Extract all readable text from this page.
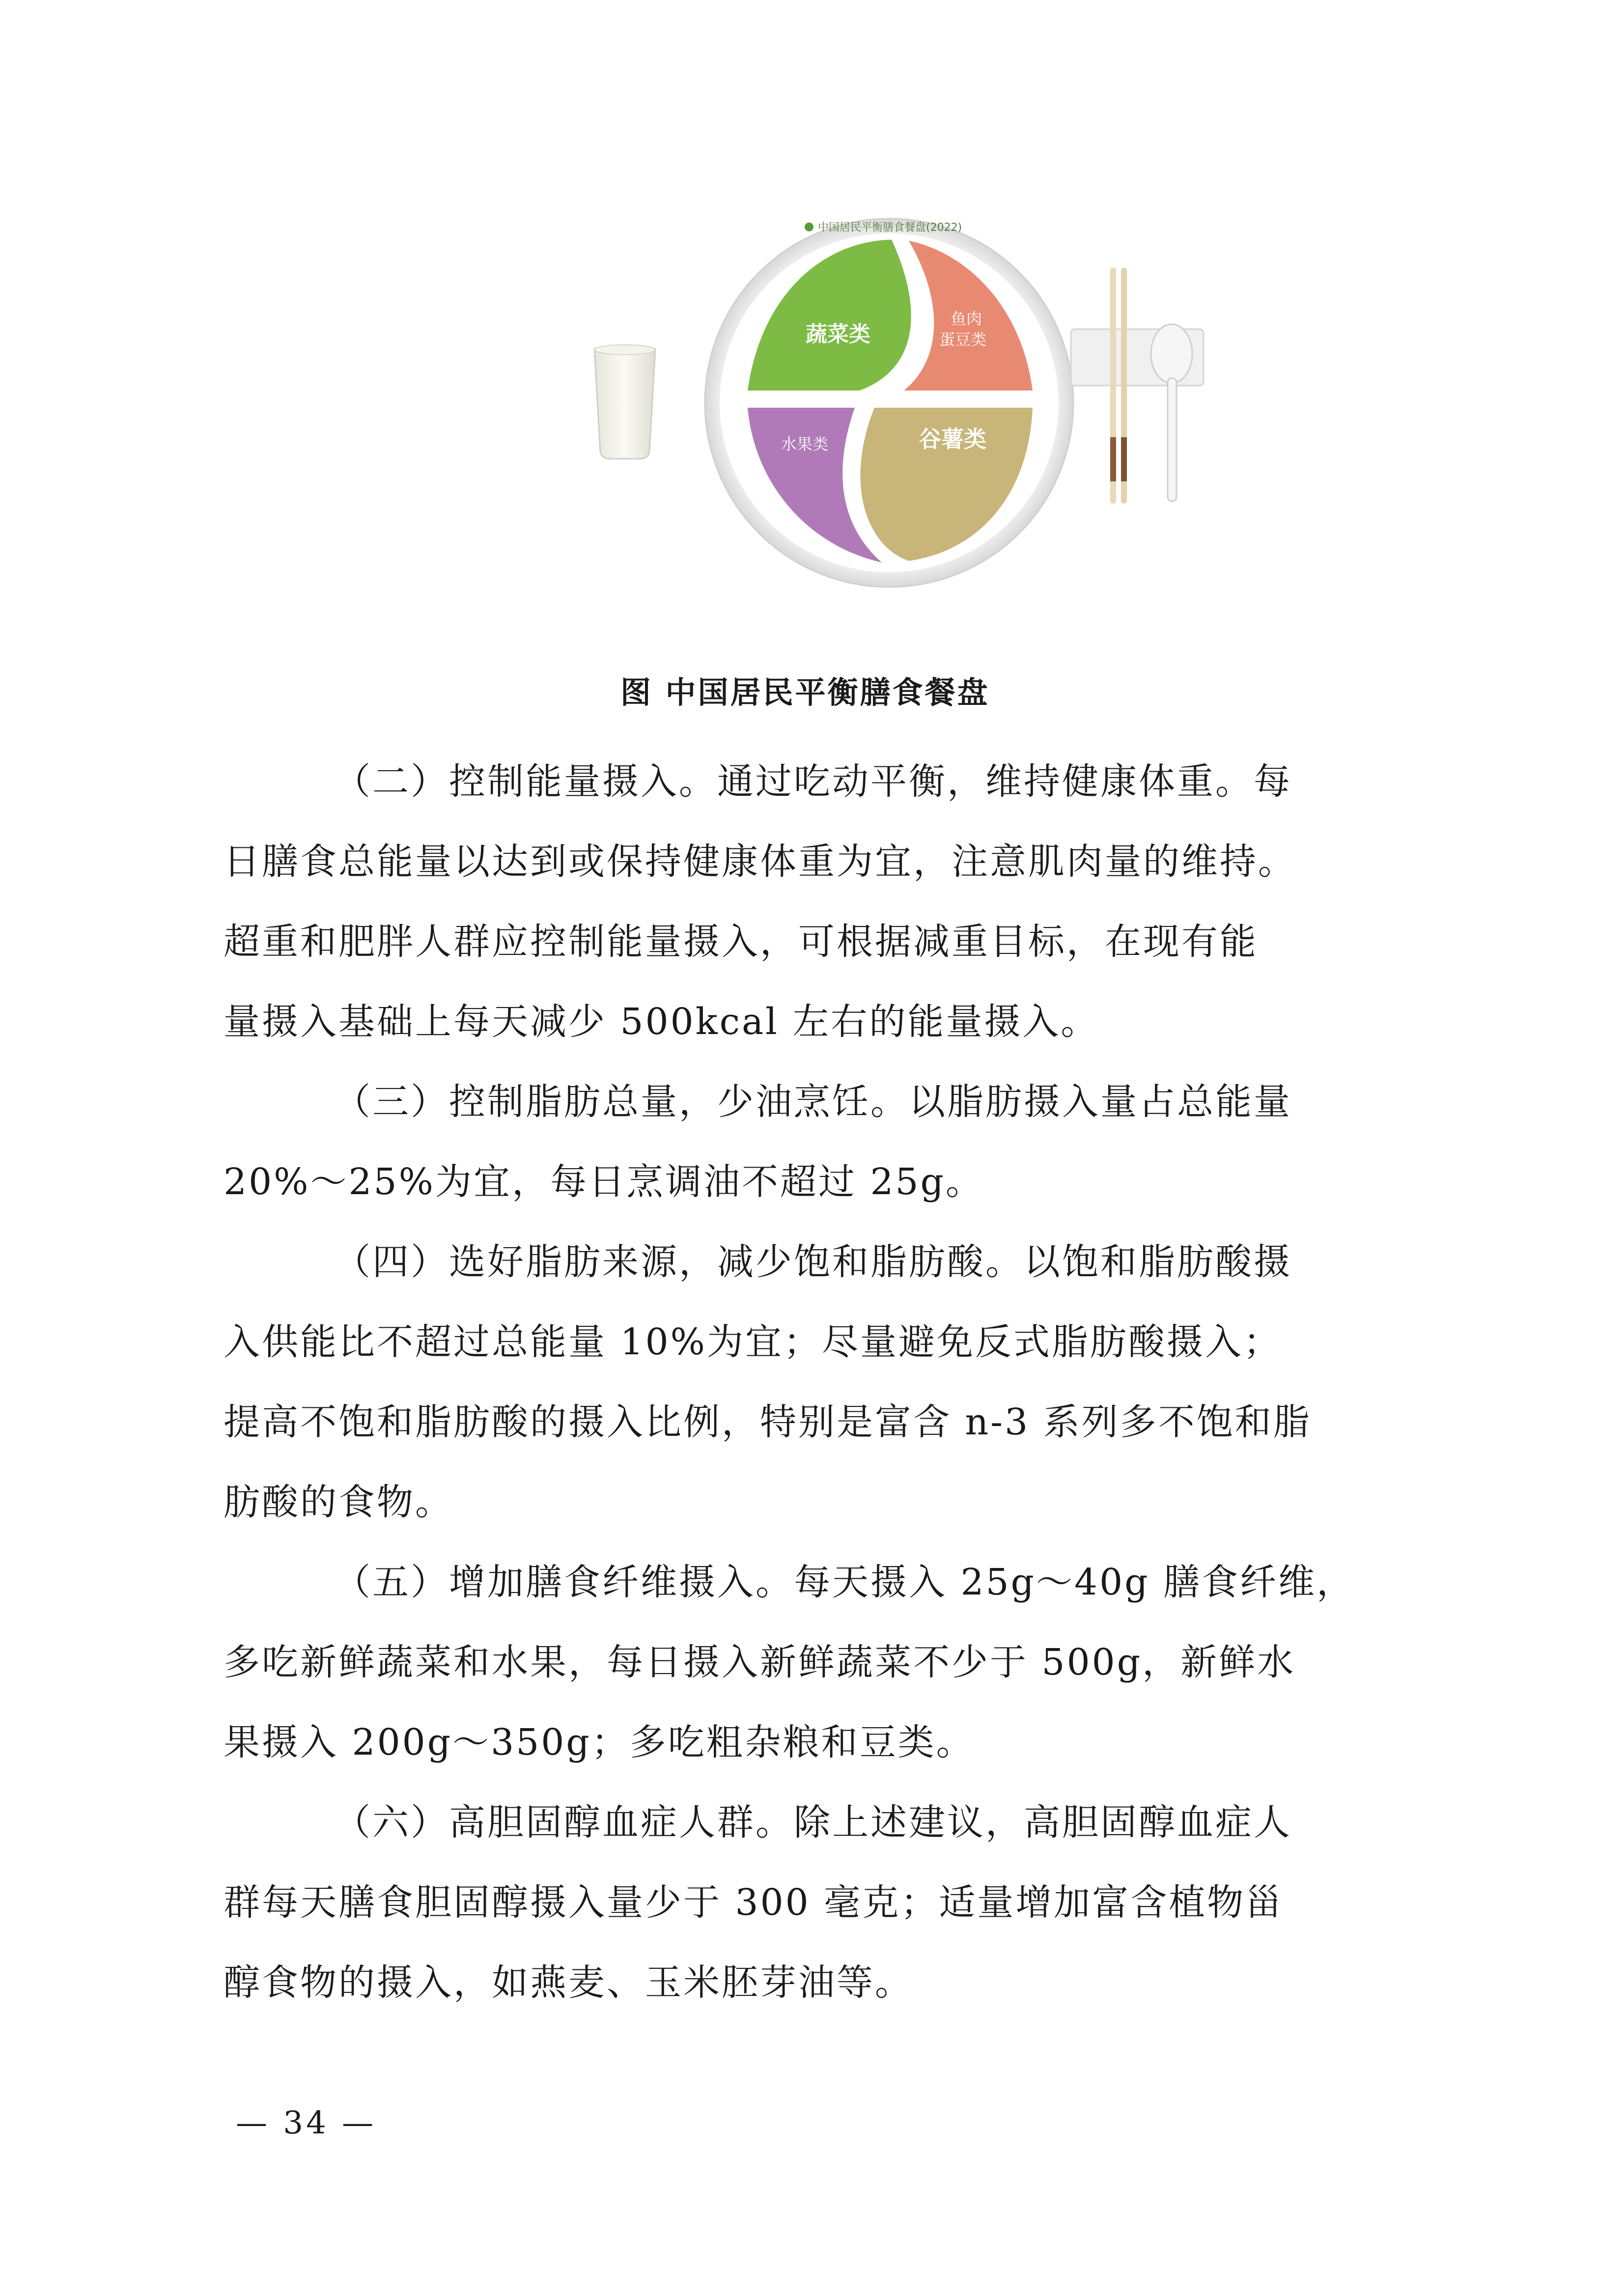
中国居民平衡膳食餐盘(2022)
蔬菜类
鱼肉
蛋豆类
水果类	谷薯类
图 中国居民平衡膳食餐盘

（二）控制能量摄入。通过吃动平衡，维持健康体重。每
日膳食总能量以达到或保持健康体重为宜，注意肌肉量的维持。
超重和肥胖人群应控制能量摄入，可根据减重目标，在现有能
量摄入基础上每天减少 500kcal 左右的能量摄入。

（三）控制脂肪总量，少油烹饪。以脂肪摄入量占总能量
20%～25%为宜，每日烹调油不超过 25g。

（四）选好脂肪来源，减少饱和脂肪酸。以饱和脂肪酸摄
入供能比不超过总能量 10%为宜；尽量避免反式脂肪酸摄入；
提高不饱和脂肪酸的摄入比例，特别是富含 n-3 系列多不饱和脂
肪酸的食物。

（五）增加膳食纤维摄入。每天摄入 25g～40g 膳食纤维，
多吃新鲜蔬菜和水果，每日摄入新鲜蔬菜不少于 500g，新鲜水
果摄入 200g～350g；多吃粗杂粮和豆类。

（六）高胆固醇血症人群。除上述建议，高胆固醇血症人
群每天膳食胆固醇摄入量少于 300 毫克；适量增加富含植物甾
醇食物的摄入，如燕麦、玉米胚芽油等。

— 34 —
